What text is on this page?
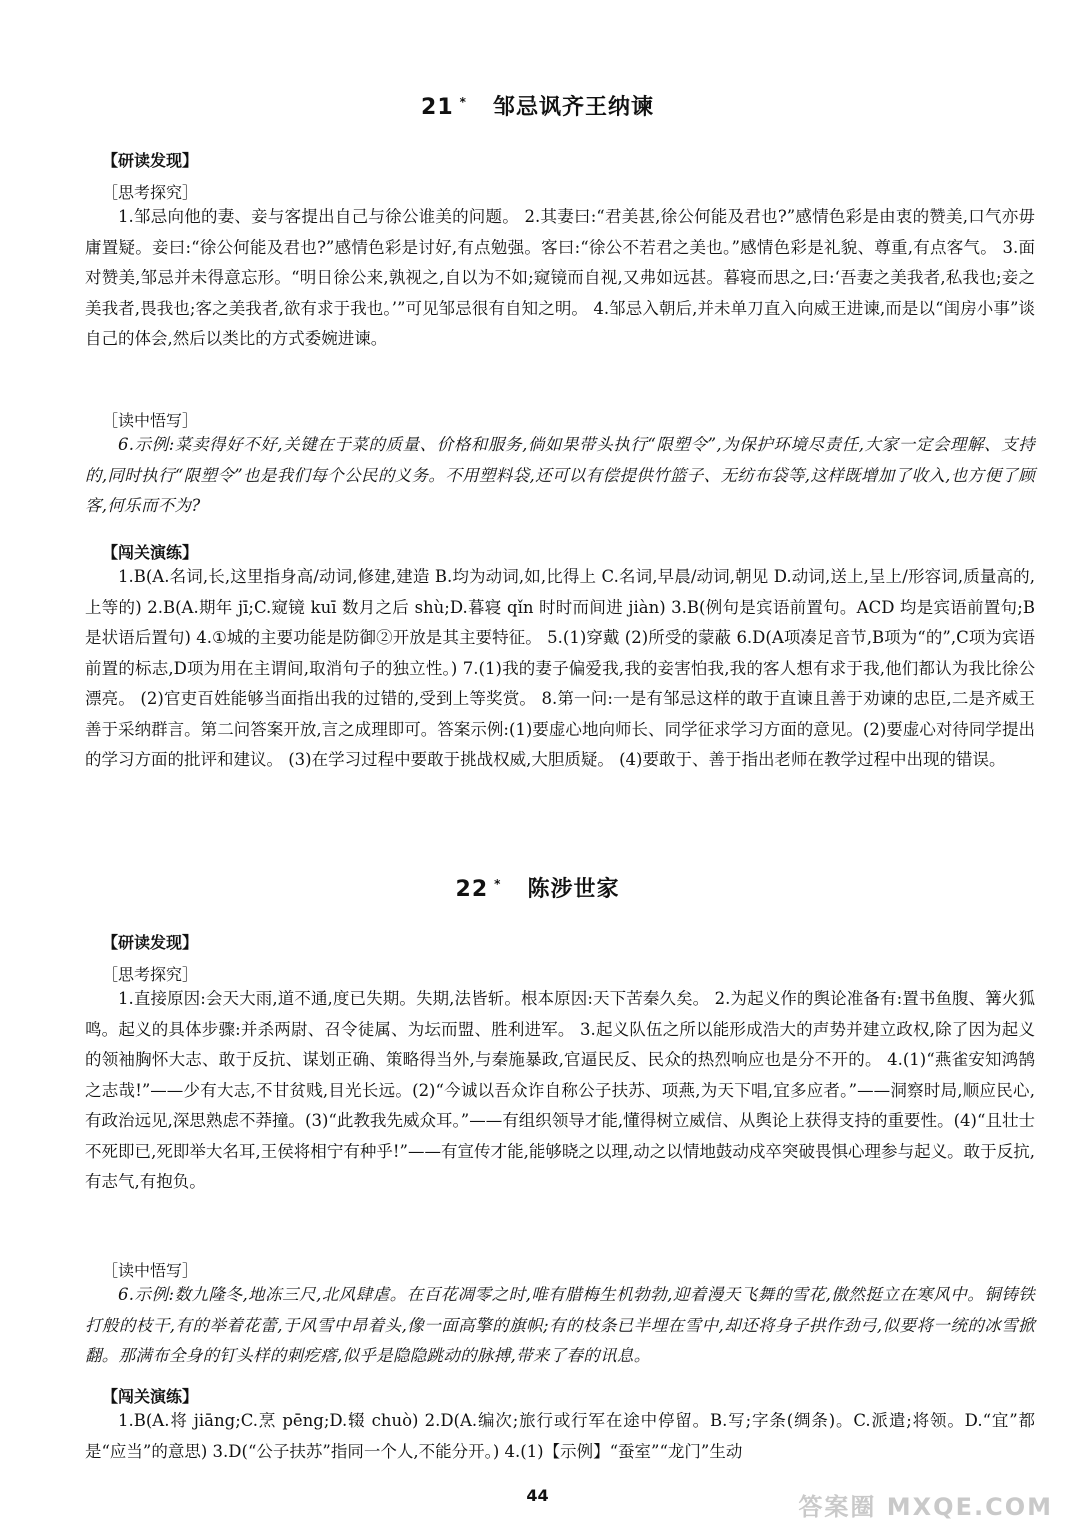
21 * 邹忌讽齐王纳谏
【研读发现】
［思考探究］

1.邹忌向他的妻、妾与客提出自己与徐公谁美的问题。 2.其妻曰:“君美甚,徐公何能及君也?”感情色彩是由衷的赞美,口气亦毋庸置疑。妾曰:“徐公何能及君也?”感情色彩是讨好,有点勉强。客曰:“徐公不若君之美也。”感情色彩是礼貌、尊重,有点客气。 3.面对赞美,邹忌并未得意忘形。“明日徐公来,孰视之,自以为不如;窥镜而自视,又弗如远甚。暮寝而思之,曰:‘吾妻之美我者,私我也;妾之美我者,畏我也;客之美我者,欲有求于我也。’”可见邹忌很有自知之明。 4.邹忌入朝后,并未单刀直入向威王进谏,而是以“闺房小事”谈自己的体会,然后以类比的方式委婉进谏。

［读中悟写］

6.示例:菜卖得好不好,关键在于菜的质量、价格和服务,倘如果带头执行“限塑令”,为保护环境尽责任,大家一定会理解、支持的,同时执行“限塑令”也是我们每个公民的义务。不用塑料袋,还可以有偿提供竹篮子、无纺布袋等,这样既增加了收入,也方便了顾客,何乐而不为?

【闯关演练】

1.B(A.名词,长,这里指身高/动词,修建,建造 B.均为动词,如,比得上 C.名词,早晨/动词,朝见 D.动词,送上,呈上/形容词,质量高的,上等的) 2.B(A.期年 jī;C.窥镜 kuī 数月之后 shù;D.暮寝 qǐn 时时而间进 jiàn) 3.B(例句是宾语前置句。ACD 均是宾语前置句;B是状语后置句) 4.①城的主要功能是防御②开放是其主要特征。 5.(1)穿戴 (2)所受的蒙蔽 6.D(A项凑足音节,B项为“的”,C项为宾语前置的标志,D项为用在主谓间,取消句子的独立性。) 7.(1)我的妻子偏爱我,我的妾害怕我,我的客人想有求于我,他们都认为我比徐公漂亮。 (2)官吏百姓能够当面指出我的过错的,受到上等奖赏。 8.第一问:一是有邹忌这样的敢于直谏且善于劝谏的忠臣,二是齐威王善于采纳群言。第二问答案开放,言之成理即可。答案示例:(1)要虚心地向师长、同学征求学习方面的意见。(2)要虚心对待同学提出的学习方面的批评和建议。 (3)在学习过程中要敢于挑战权威,大胆质疑。 (4)要敢于、善于指出老师在教学过程中出现的错误。

22 * 陈涉世家
【研读发现】
［思考探究］

1.直接原因:会天大雨,道不通,度已失期。失期,法皆斩。根本原因:天下苦秦久矣。 2.为起义作的舆论准备有:置书鱼腹、篝火狐鸣。起义的具体步骤:并杀两尉、召令徒属、为坛而盟、胜利进军。 3.起义队伍之所以能形成浩大的声势并建立政权,除了因为起义的领袖胸怀大志、敢于反抗、谋划正确、策略得当外,与秦施暴政,官逼民反、民众的热烈响应也是分不开的。 4.(1)“燕雀安知鸿鹄之志哉!”——少有大志,不甘贫贱,目光长远。(2)“今诚以吾众诈自称公子扶苏、项燕,为天下唱,宜多应者。”——洞察时局,顺应民心,有政治远见,深思熟虑不莽撞。(3)“此教我先威众耳。”——有组织领导才能,懂得树立威信、从舆论上获得支持的重要性。(4)“且壮士不死即已,死即举大名耳,王侯将相宁有种乎!”——有宣传才能,能够晓之以理,动之以情地鼓动戍卒突破畏惧心理参与起义。敢于反抗,有志气,有抱负。

［读中悟写］

6.示例:数九隆冬,地冻三尺,北风肆虐。在百花凋零之时,唯有腊梅生机勃勃,迎着漫天飞舞的雪花,傲然挺立在寒风中。铜铸铁打般的枝干,有的举着花蕾,于风雪中昂着头,像一面高擎的旗帜;有的枝条已半埋在雪中,却还将身子拱作劲弓,似要将一统的冰雪掀翻。那满布全身的钉头样的刺疙瘩,似乎是隐隐跳动的脉搏,带来了春的讯息。

【闯关演练】

1.B(A.将 jiāng;C.烹 pēng;D.辍 chuò) 2.D(A.编次;旅行或行军在途中停留。B.写;字条(绸条)。C.派遣;将领。D.“宜”都是“应当”的意思) 3.D(“公子扶苏”指同一个人,不能分开。) 4.(1)【示例】“蚕室”“龙门”生动

44	答案圈 MXQE.COM
